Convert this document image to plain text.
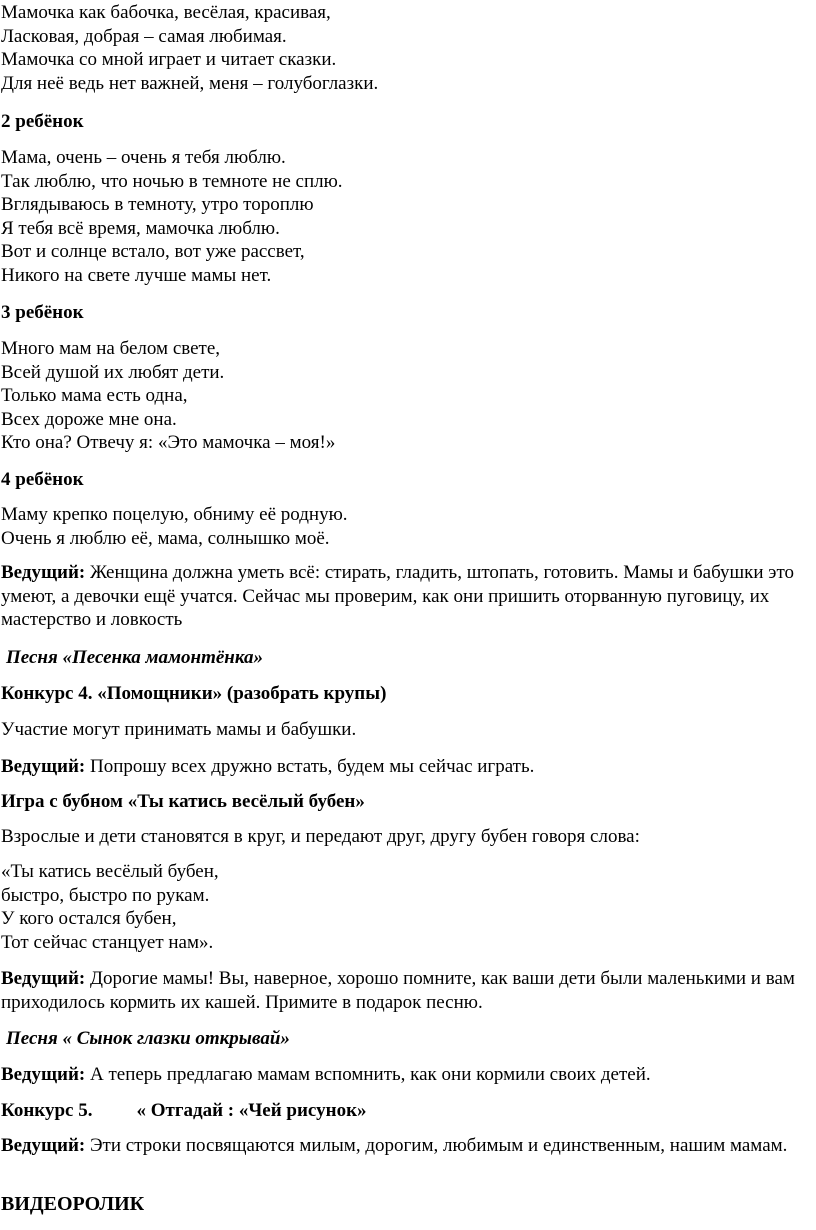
Мамочка как бабочка, весёлая, красивая,
Ласковая, добрая – самая любимая.
Мамочка со мной играет и читает сказки.
Для неё ведь нет важней, меня – голубоглазки.
2 ребёнок
Мама, очень – очень я тебя люблю.
Так люблю, что ночью в темноте не сплю.
Вглядываюсь в темноту, утро тороплю
Я тебя всё время, мамочка люблю.
Вот и солнце встало, вот уже рассвет,
Никого на свете лучше мамы нет.
3 ребёнок
Много мам на белом свете,
Всей душой их любят дети.
Только мама есть одна,
Всех дороже мне она.
Кто она? Отвечу я: «Это мамочка – моя!»
4 ребёнок
Маму крепко поцелую, обниму её родную.
Очень я люблю её, мама, солнышко моё.
Ведущий: Женщина должна уметь всё: стирать, гладить, штопать, готовить. Мамы и бабушки это умеют, а девочки ещё учатся. Сейчас мы проверим, как они пришить оторванную пуговицу, их мастерство и ловкость
Песня «Песенка мамонтёнка»
Конкурс 4. «Помощники» (разобрать крупы)
Участие могут принимать мамы и бабушки.
Ведущий: Попрошу всех дружно встать, будем мы сейчас играть.
Игра с бубном «Ты катись весёлый бубен»
Взрослые и дети становятся в круг, и передают друг, другу бубен говоря слова:
«Ты катись весёлый бубен,
быстро, быстро по рукам.
У кого остался бубен,
Тот сейчас станцует нам».
Ведущий: Дорогие мамы! Вы, наверное, хорошо помните, как ваши дети были маленькими и вам приходилось кормить их кашей. Примите в подарок песню.
Песня « Сынок глазки открывай»
Ведущий: А теперь предлагаю мамам вспомнить, как они кормили своих детей.
Конкурс 5. « Отгадай : «Чей рисунок»
Ведущий: Эти строки посвящаются милым, дорогим, любимым и единственным, нашим мамам.
ВИДЕОРОЛИК
